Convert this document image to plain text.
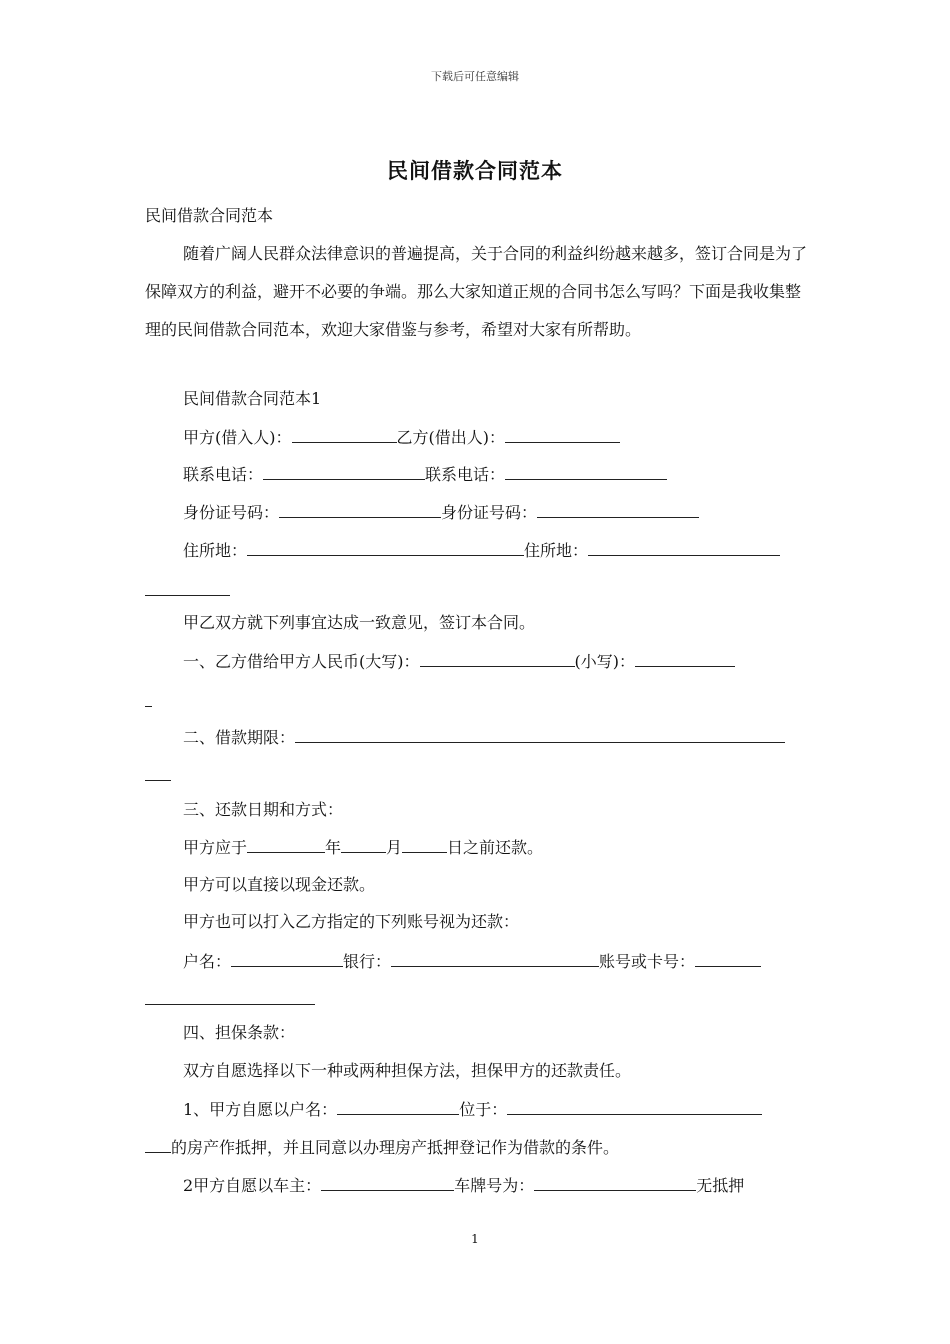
下载后可任意编辑
民间借款合同范本

民间借款合同范本

随着广阔人民群众法律意识的普遍提高，关于合同的利益纠纷越来越多，签订合同是为了保障双方的利益，避开不必要的争端。那么大家知道正规的合同书怎么写吗？下面是我收集整理的民间借款合同范本，欢迎大家借鉴与参考，希望对大家有所帮助。

民间借款合同范本1
甲方(借入人)：	乙方(借出人)：
联系电话：	联系电话：
身份证号码：	身份证号码：
住所地：	住所地：
甲乙双方就下列事宜达成一致意见，签订本合同。
一、乙方借给甲方人民币(大写)：	(小写)：
二、借款期限：
三、还款日期和方式：
甲方应于	年	月	日之前还款。
甲方可以直接以现金还款。
甲方也可以打入乙方指定的下列账号视为还款：
户名：	银行：	账号或卡号：
四、担保条款：
双方自愿选择以下一种或两种担保方法，担保甲方的还款责任。
1、甲方自愿以户名：	位于：
的房产作抵押，并且同意以办理房产抵押登记作为借款的条件。
2甲方自愿以车主：	车牌号为：	无抵押
1
